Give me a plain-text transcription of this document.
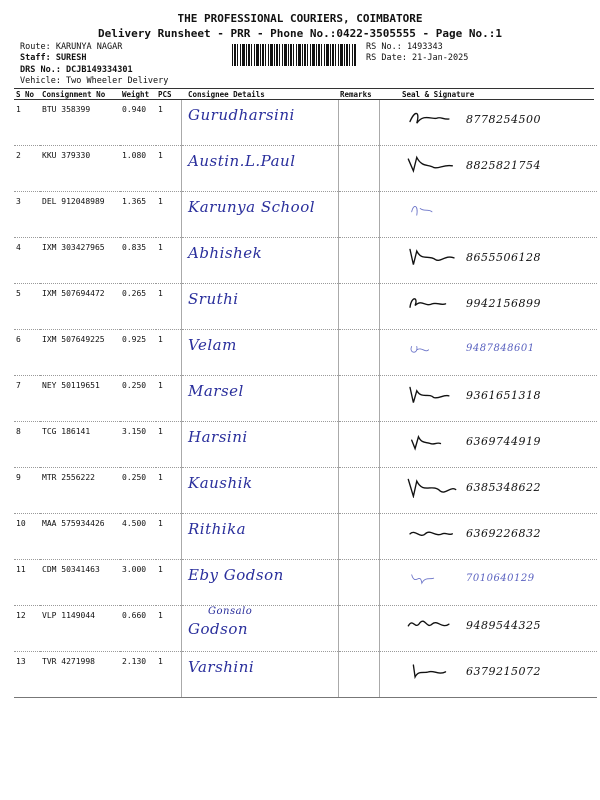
THE PROFESSIONAL COURIERS, COIMBATORE
Delivery Runsheet - PRR - Phone No.:0422-3505555 - Page No.:1
Route: KARUNYA NAGAR
Staff: SURESH
DRS No.: DCJB149334301
Vehicle: Two Wheeler Delivery
RS No.: 1493343
RS Date: 21-Jan-2025
S No Consignment No Weight PCS Consignee Details	Remarks	Seal & Signature
1	BTU 358399	0.940	1	Gurudharsini		8778254500

2	KKU 379330	1.080	1	Austin.L.Paul		8825821754

3	DEL 912048989	1.365	1	Karunya School

4	IXM 303427965	0.835	1	Abhishek		8655506128

5	IXM 507694472	0.265	1	Sruthi		9942156899

6	IXM 507649225	0.925	1	Velam		9487848601

7	NEY 50119651	0.250	1	Marsel		9361651318

8	TCG 186141	3.150	1	Harsini		6369744919

9	MTR 2556222	0.250	1	Kaushik		6385348622

10	MAA 575934426	4.500	1	Rithika		6369226832

11	CDM 50341463	3.000	1	Eby Godson		7010640129

12	VLP 1149044	0.660	1	Gonsalo
Godson		9489544325

13	TVR 4271998	2.130	1	Varshini		6379215072
